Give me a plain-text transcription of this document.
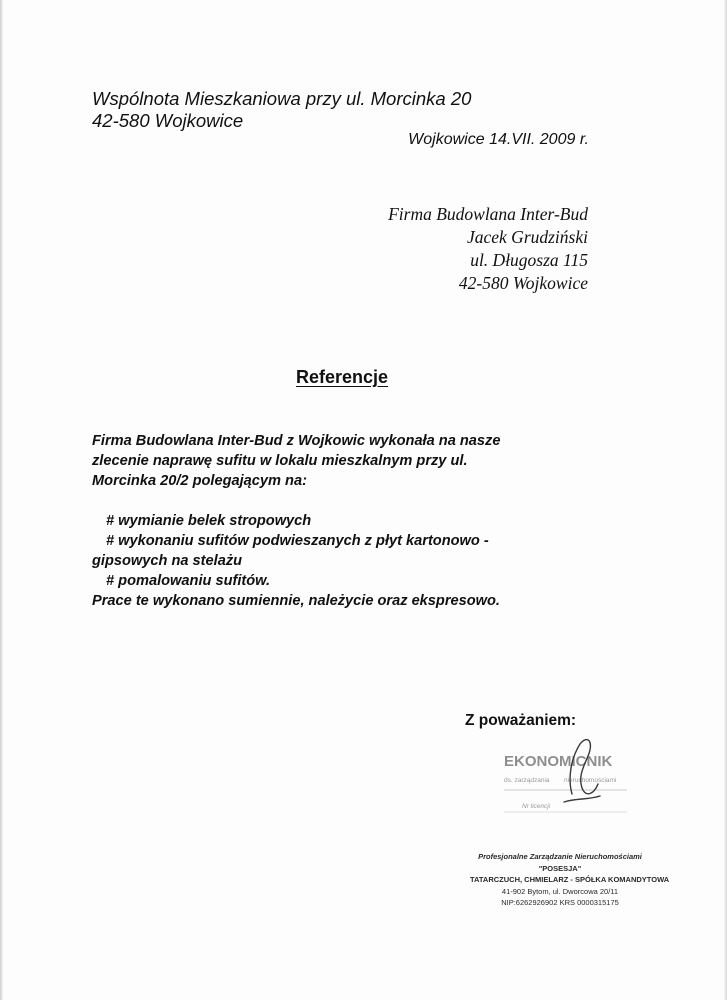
Wspólnota Mieszkaniowa przy ul. Morcinka 20
42-580 Wojkowice
Wojkowice 14.VII. 2009 r.
Firma Budowlana Inter-Bud
Jacek Grudziński
ul. Długosza 115
42-580 Wojkowice
Referencje
Firma Budowlana Inter-Bud z Wojkowic wykonała na nasze
zlecenie naprawę sufitu w lokalu mieszkalnym przy ul.
Morcinka 20/2 polegającym na:
# wymianie belek stropowych
# wykonaniu sufitów podwieszanych z płyt kartonowo -
gipsowych na stelażu
# pomalowaniu sufitów.
Prace te wykonano sumiennie, należycie oraz ekspresowo.
Z poważaniem:
EKONOMICNIK
ds. zarządzania nieruchomościami
Nr licencji
Profesjonalne Zarządzanie Nieruchomościami
"POSESJA"
TATARCZUCH, CHMIELARZ - SPÓŁKA KOMANDYTOWA
41-902 Bytom, ul. Dworcowa 20/11
NIP:6262926902 KRS 0000315175
